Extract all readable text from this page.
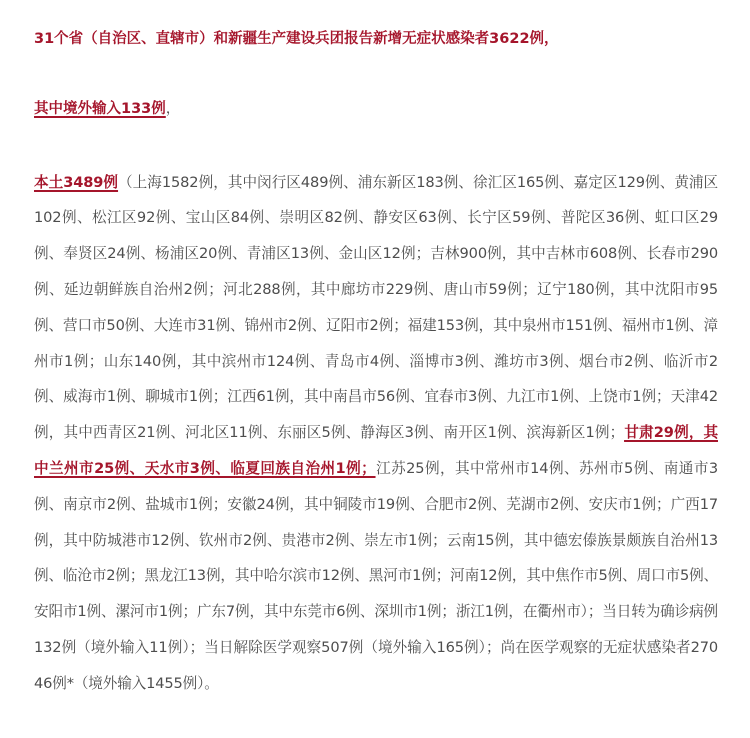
31个省（自治区、直辖市）和新疆生产建设兵团报告新增无症状感染者3622例，
其中境外输入133例，

本土3489例（上海1582例，其中闵行区489例、浦东新区183例、徐汇区165例、嘉定区129例、黄浦区102例、松江区92例、宝山区84例、崇明区82例、静安区63例、长宁区59例、普陀区36例、虹口区29例、奉贤区24例、杨浦区20例、青浦区13例、金山区12例；吉林900例，其中吉林市608例、长春市290例、延边朝鲜族自治州2例；河北288例，其中廊坊市229例、唐山市59例；辽宁180例，其中沈阳市95例、营口市50例、大连市31例、锦州市2例、辽阳市2例；福建153例，其中泉州市151例、福州市1例、漳州市1例；山东140例，其中滨州市124例、青岛市4例、淄博市3例、潍坊市3例、烟台市2例、临沂市2例、威海市1例、聊城市1例；江西61例，其中南昌市56例、宜春市3例、九江市1例、上饶市1例；天津42例，其中西青区21例、河北区11例、东丽区5例、静海区3例、南开区1例、滨海新区1例；甘肃29例，其中兰州市25例、天水市3例、临夏回族自治州1例；江苏25例，其中常州市14例、苏州市5例、南通市3例、南京市2例、盐城市1例；安徽24例，其中铜陵市19例、合肥市2例、芜湖市2例、安庆市1例；广西17例，其中防城港市12例、钦州市2例、贵港市2例、崇左市1例；云南15例，其中德宏傣族景颇族自治州13例、临沧市2例；黑龙江13例，其中哈尔滨市12例、黑河市1例；河南12例，其中焦作市5例、周口市5例、安阳市1例、漯河市1例；广东7例，其中东莞市6例、深圳市1例；浙江1例，在衢州市）；当日转为确诊病例132例（境外输入11例）；当日解除医学观察507例（境外输入165例）；尚在医学观察的无症状感染者27046例*（境外输入1455例）。
